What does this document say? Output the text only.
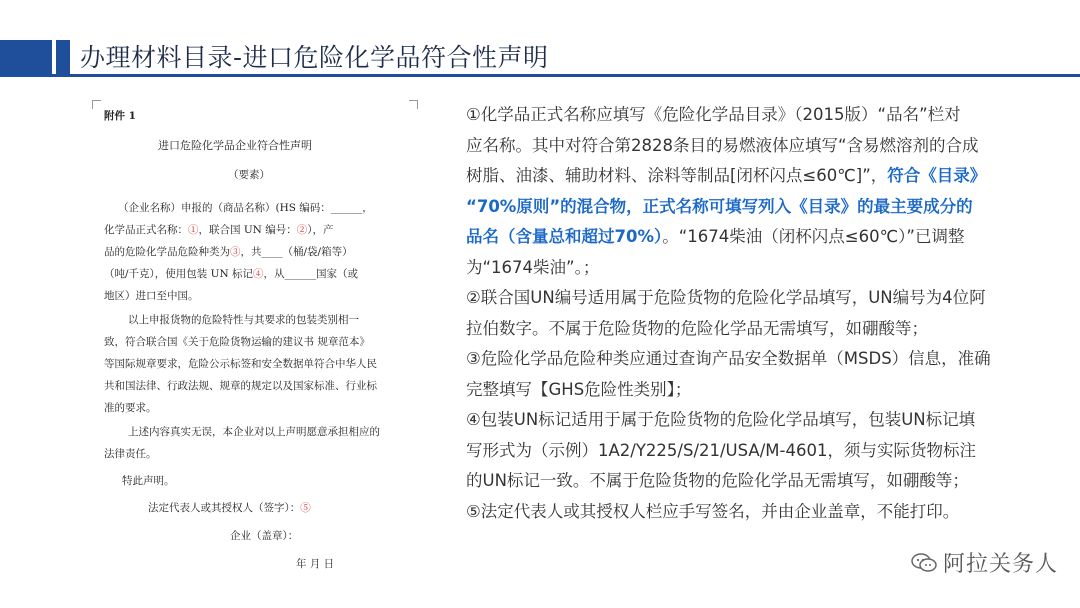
办理材料目录-进口危险化学品符合性声明

附件 1

进口危险化学品企业符合性声明

（要素）

（企业名称）申报的（商品名称）(HS 编码：______，

化学品正式名称：①，联合国 UN 编号：②），产

品的危险化学品危险种类为③，共____（桶/袋/箱等）

（吨/千克），使用包装 UN 标记④，从______国家（或

地区）进口至中国。

以上申报货物的危险特性与其要求的包装类别相一

致，符合联合国《关于危险货物运输的建议书 规章范本》

等国际规章要求，危险公示标签和安全数据单符合中华人民

共和国法律、行政法规、规章的规定以及国家标准、行业标

准的要求。

上述内容真实无误，本企业对以上声明愿意承担相应的

法律责任。

特此声明。

法定代表人或其授权人（签字）：⑤

企业（盖章）：

年 月 日

①化学品正式名称应填写《危险化学品目录》（2015版）“品名”栏对
应名称。其中对符合第2828条目的易燃液体应填写“含易燃溶剂的合成
树脂、油漆、辅助材料、涂料等制品[闭杯闪点≤60℃]”，符合《目录》
“70%原则”的混合物，正式名称可填写列入《目录》的最主要成分的
品名（含量总和超过70%）。“1674柴油（闭杯闪点≤60℃）”已调整
为“1674柴油”。；
②联合国UN编号适用属于危险货物的危险化学品填写，UN编号为4位阿
拉伯数字。不属于危险货物的危险化学品无需填写，如硼酸等；
③危险化学品危险种类应通过查询产品安全数据单（MSDS）信息，准确
完整填写【GHS危险性类别】；
④包装UN标记适用于属于危险货物的危险化学品填写，包装UN标记填
写形式为（示例）1A2/Y225/S/21/USA/M-4601，须与实际货物标注
的UN标记一致。不属于危险货物的危险化学品无需填写，如硼酸等；
⑤法定代表人或其授权人栏应手写签名，并由企业盖章，不能打印。
阿拉关务人
